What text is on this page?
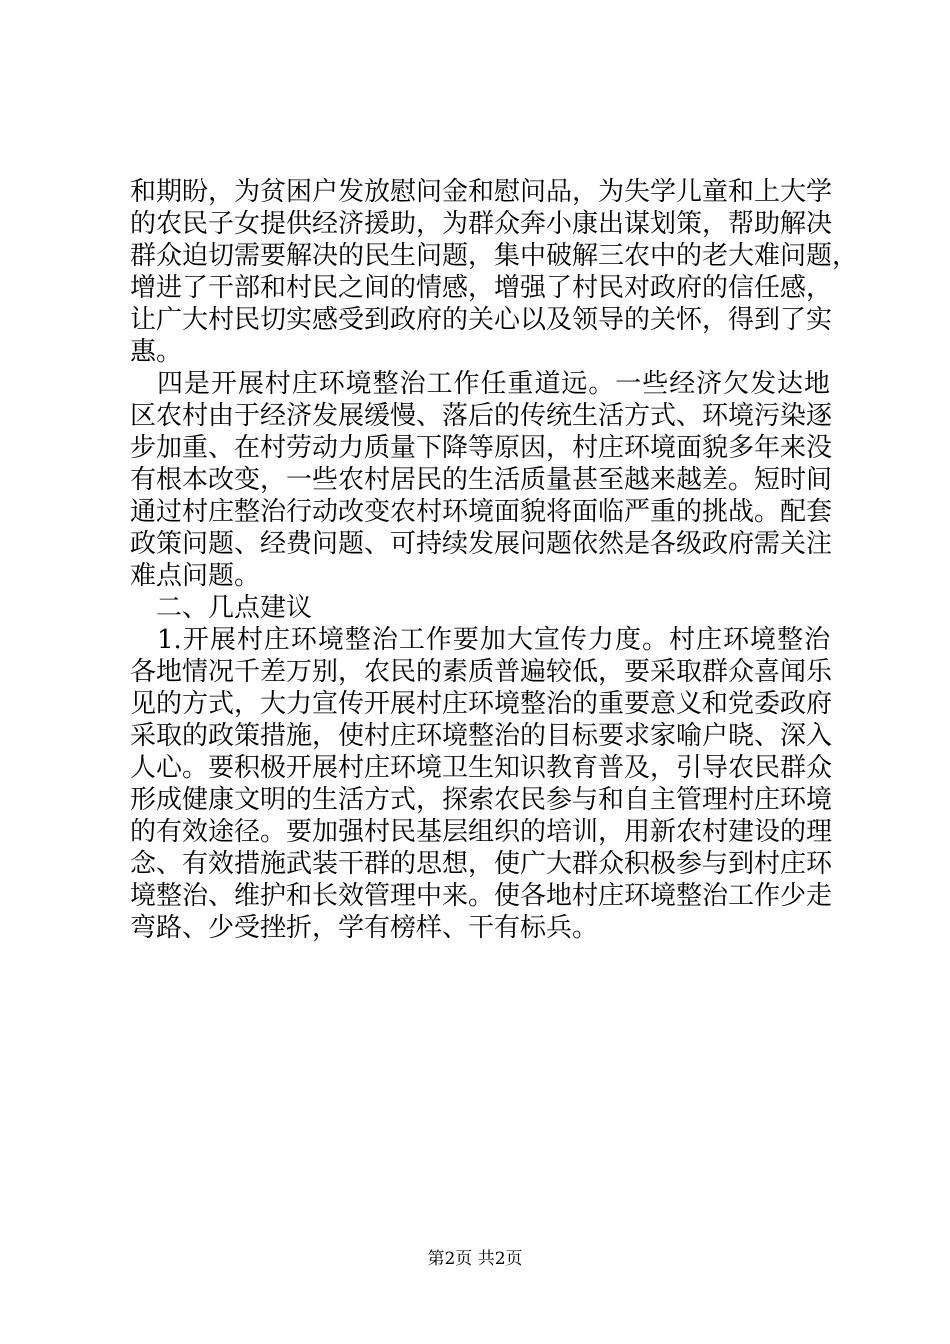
和期盼，为贫困户发放慰问金和慰问品，为失学儿童和上大学
的农民子女提供经济援助，为群众奔小康出谋划策，帮助解决
群众迫切需要解决的民生问题，集中破解三农中的老大难问题，
增进了干部和村民之间的情感，增强了村民对政府的信任感，
让广大村民切实感受到政府的关心以及领导的关怀，得到了实
惠。
　四是开展村庄环境整治工作任重道远。一些经济欠发达地
区农村由于经济发展缓慢、落后的传统生活方式、环境污染逐
步加重、在村劳动力质量下降等原因，村庄环境面貌多年来没
有根本改变，一些农村居民的生活质量甚至越来越差。短时间
通过村庄整治行动改变农村环境面貌将面临严重的挑战。配套
政策问题、经费问题、可持续发展问题依然是各级政府需关注
难点问题。
　二、几点建议
　1.开展村庄环境整治工作要加大宣传力度。村庄环境整治
各地情况千差万别，农民的素质普遍较低，要采取群众喜闻乐
见的方式，大力宣传开展村庄环境整治的重要意义和党委政府
采取的政策措施，使村庄环境整治的目标要求家喻户晓、深入
人心。要积极开展村庄环境卫生知识教育普及，引导农民群众
形成健康文明的生活方式，探索农民参与和自主管理村庄环境
的有效途径。要加强村民基层组织的培训，用新农村建设的理
念、有效措施武装干群的思想，使广大群众积极参与到村庄环
境整治、维护和长效管理中来。使各地村庄环境整治工作少走
弯路、少受挫折，学有榜样、干有标兵。
第2页 共2页
